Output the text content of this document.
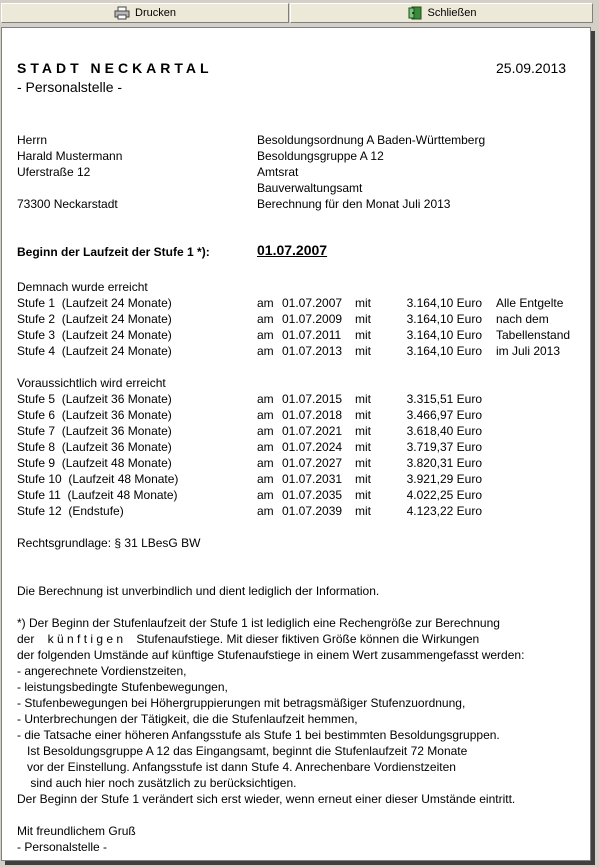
Drucken	Schließen
STADT NECKARTAL	25.09.2013
- Personalstelle -
Herrn
Harald Mustermann
Uferstraße 12
73300 Neckarstadt
Besoldungsordnung A Baden-Württemberg
Besoldungsgruppe A 12
Amtsrat
Bauverwaltungsamt
Berechnung für den Monat Juli 2013
Beginn der Laufzeit der Stufe 1 *):	01.07.2007
Demnach wurde erreicht
Stufe 1  (Laufzeit 24 Monate)	am 01.07.2007 mit	3.164,10 Euro Alle Entgelte
Stufe 2  (Laufzeit 24 Monate)	am 01.07.2009 mit	3.164,10 Euro nach dem
Stufe 3  (Laufzeit 24 Monate)	am 01.07.2011 mit	3.164,10 Euro Tabellenstand
Stufe 4  (Laufzeit 24 Monate)	am 01.07.2013 mit	3.164,10 Euro im Juli 2013
Voraussichtlich wird erreicht
Stufe 5  (Laufzeit 36 Monate)	am 01.07.2015 mit	3.315,51 Euro
Stufe 6  (Laufzeit 36 Monate)	am 01.07.2018 mit	3.466,97 Euro
Stufe 7  (Laufzeit 36 Monate)	am 01.07.2021 mit	3.618,40 Euro
Stufe 8  (Laufzeit 36 Monate)	am 01.07.2024 mit	3.719,37 Euro
Stufe 9  (Laufzeit 48 Monate)	am 01.07.2027 mit	3.820,31 Euro
Stufe 10  (Laufzeit 48 Monate)	am 01.07.2031 mit	3.921,29 Euro
Stufe 11  (Laufzeit 48 Monate)	am 01.07.2035 mit	4.022,25 Euro
Stufe 12  (Endstufe)	am 01.07.2039 mit	4.123,22 Euro
Rechtsgrundlage: § 31 LBesG BW
Die Berechnung ist unverbindlich und dient lediglich der Information.
*) Der Beginn der Stufenlaufzeit der Stufe 1 ist lediglich eine Rechengröße zur Berechnung
der    k ü n f t i g e n    Stufenaufstiege. Mit dieser fiktiven Größe können die Wirkungen
der folgenden Umstände auf künftige Stufenaufstiege in einem Wert zusammengefasst werden:
- angerechnete Vordienstzeiten,
- leistungsbedingte Stufenbewegungen,
- Stufenbewegungen bei Höhergruppierungen mit betragsmäßiger Stufenzuordnung,
- Unterbrechungen der Tätigkeit, die die Stufenlaufzeit hemmen,
- die Tatsache einer höheren Anfangsstufe als Stufe 1 bei bestimmten Besoldungsgruppen.
Ist Besoldungsgruppe A 12 das Eingangsamt, beginnt die Stufenlaufzeit 72 Monate
vor der Einstellung. Anfangsstufe ist dann Stufe 4. Anrechenbare Vordienstzeiten
sind auch hier noch zusätzlich zu berücksichtigen.
Der Beginn der Stufe 1 verändert sich erst wieder, wenn erneut einer dieser Umstände eintritt.
Mit freundlichem Gruß
- Personalstelle -
